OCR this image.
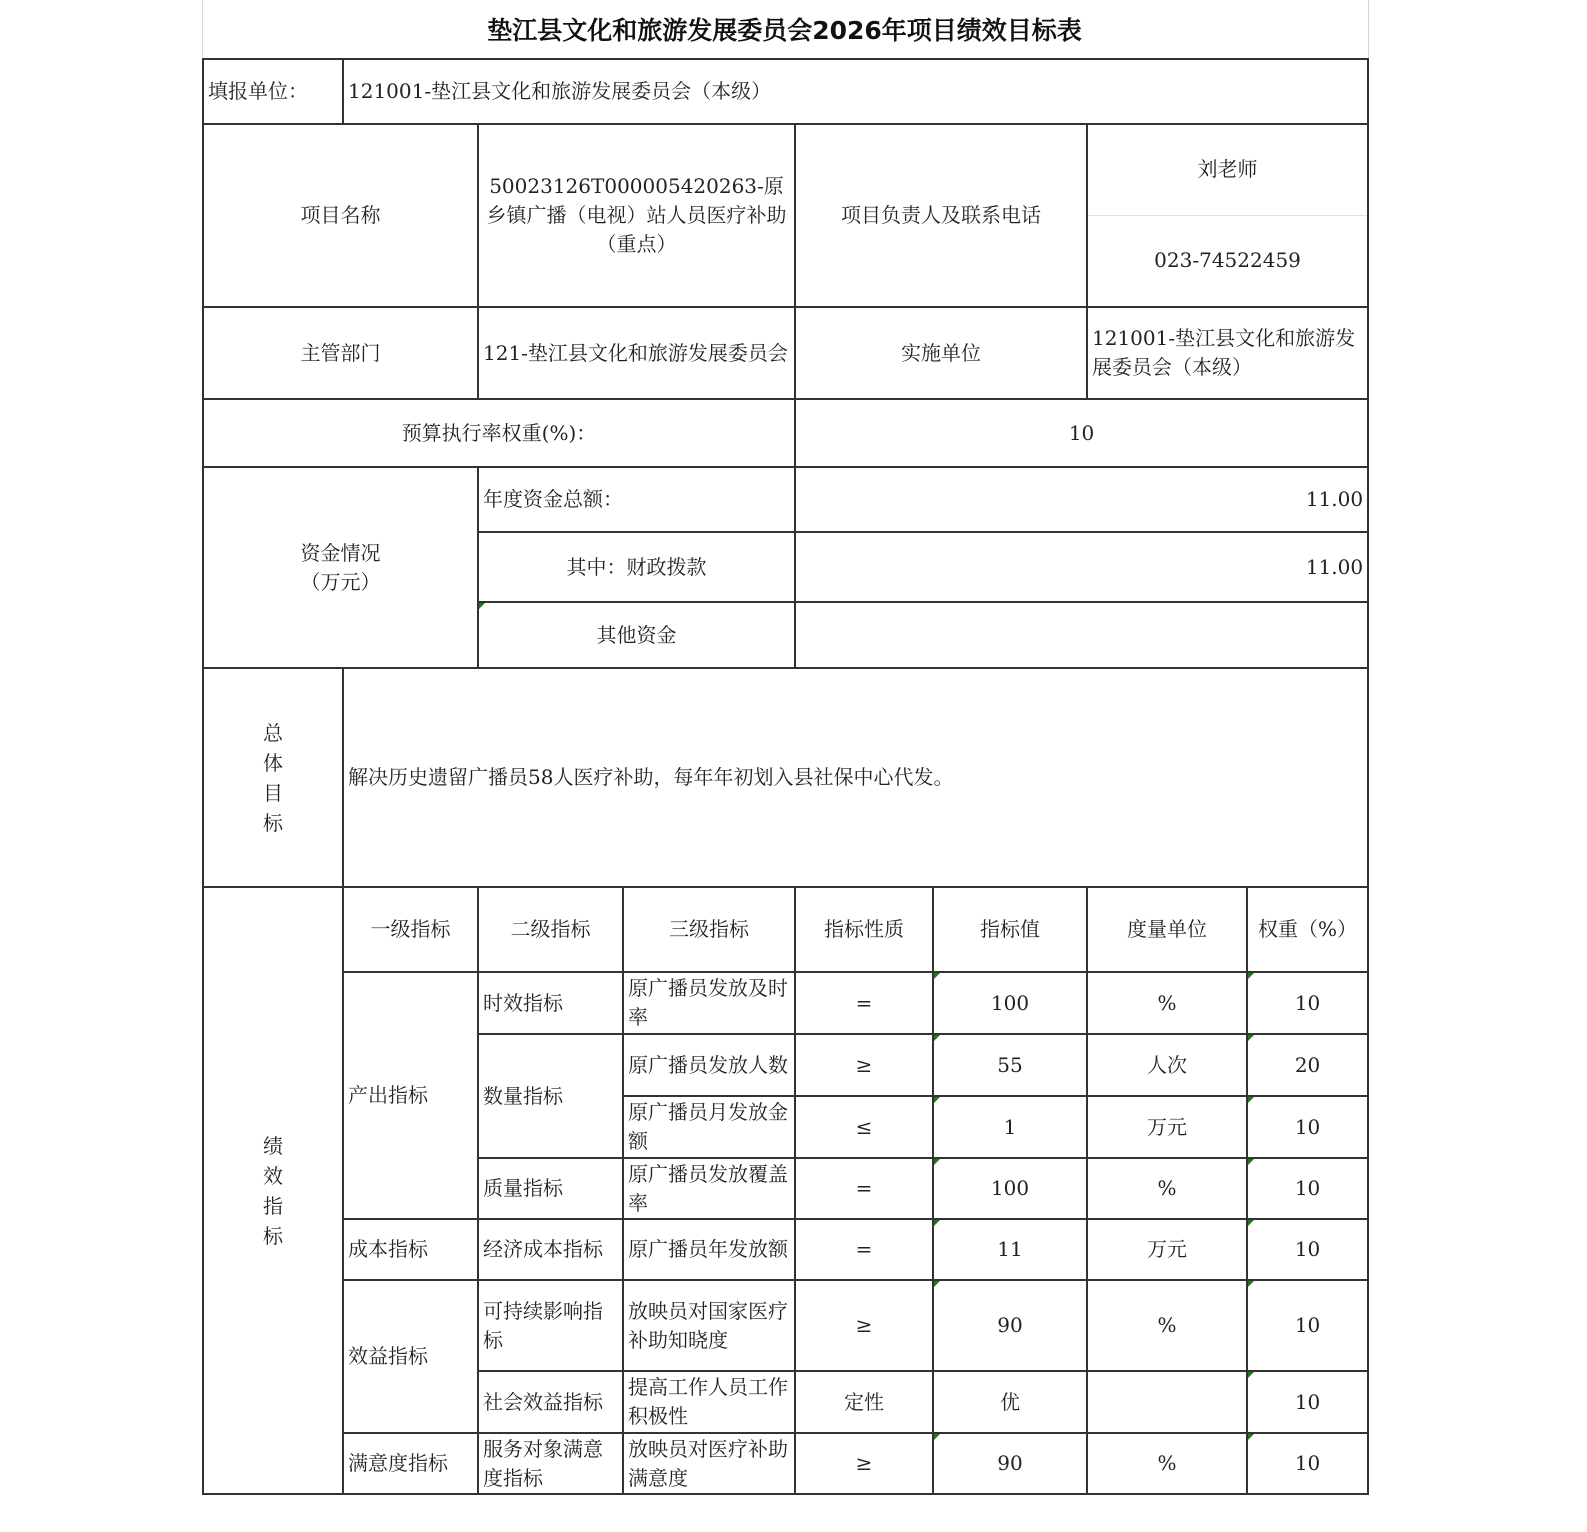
垫江县文化和旅游发展委员会2026年项目绩效目标表
填报单位：	121001-垫江县文化和旅游发展委员会（本级）						
项目名称		50023126T000005420263-原乡镇广播（电视）站人员医疗补助（重点）		项目负责人及联系电话		刘老师	
						023-74522459	
主管部门		121-垫江县文化和旅游发展委员会		实施单位		121001-垫江县文化和旅游发展委员会（本级）	
预算执行率权重(%)：				10			
资金情况（万元）		年度资金总额：		11.00			
		其中：财政拨款		11.00			
		其他资金					

总体目标	解决历史遗留广播员58人医疗补助，每年年初划入县社保中心代发。						

绩效指标	一级指标	二级指标	三级指标	指标性质	指标值	度量单位	权重（%）
	产出指标	时效指标	原广播员发放及时率	=	100	%	10
		数量指标	原广播员发放人数	≥	55	人次	20
			原广播员月发放金额	≤	1	万元	10
		质量指标	原广播员发放覆盖率	=	100	%	10
	成本指标	经济成本指标	原广播员年发放额	=	11	万元	10
	效益指标	可持续影响指标	放映员对国家医疗补助知晓度	≥	90	%	10
		社会效益指标	提高工作人员工作积极性	定性	优		10
	满意度指标	服务对象满意度指标	放映员对医疗补助满意度	≥	90	%	10
